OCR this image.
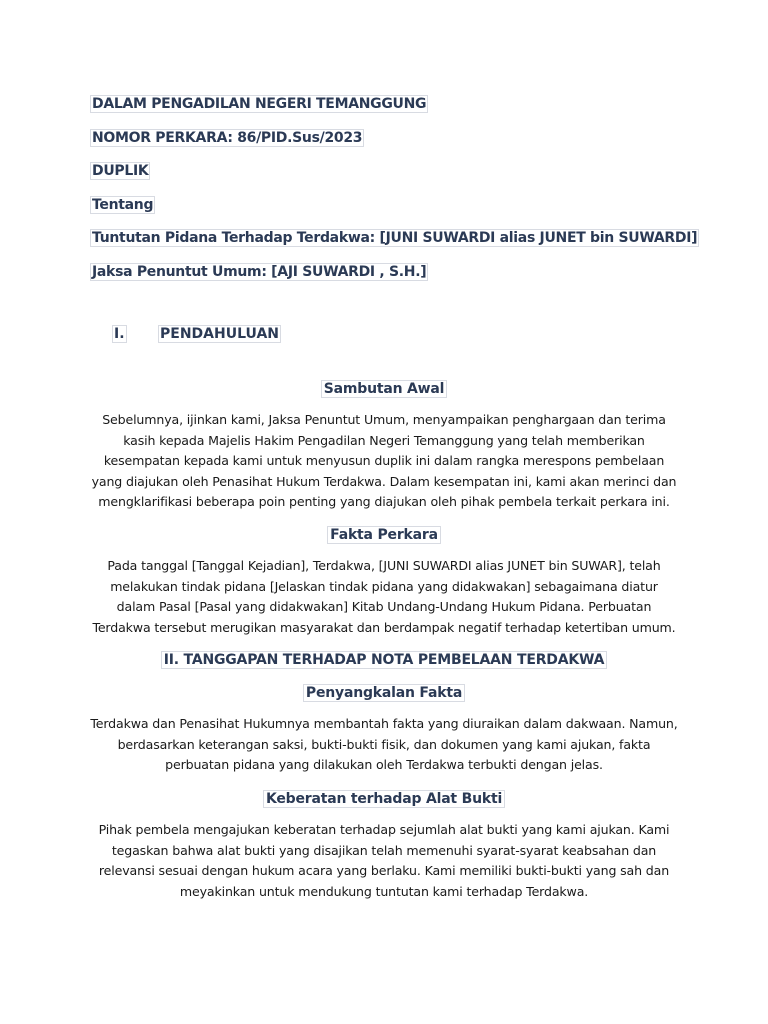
DALAM PENGADILAN NEGERI TEMANGGUNG
NOMOR PERKARA: 86/PID.Sus/2023
DUPLIK
Tentang
Tuntutan Pidana Terhadap Terdakwa: [JUNI SUWARDI alias JUNET bin SUWARDI]
Jaksa Penuntut Umum: [AJI SUWARDI , S.H.]
I.	PENDAHULUAN
Sambutan Awal
Sebelumnya, ijinkan kami, Jaksa Penuntut Umum, menyampaikan penghargaan dan terima kasih kepada Majelis Hakim Pengadilan Negeri Temanggung yang telah memberikan kesempatan kepada kami untuk menyusun duplik ini dalam rangka merespons pembelaan yang diajukan oleh Penasihat Hukum Terdakwa. Dalam kesempatan ini, kami akan merinci dan mengklarifikasi beberapa poin penting yang diajukan oleh pihak pembela terkait perkara ini.
Fakta Perkara
Pada tanggal [Tanggal Kejadian], Terdakwa, [JUNI SUWARDI alias JUNET bin SUWAR], telah melakukan tindak pidana [Jelaskan tindak pidana yang didakwakan] sebagaimana diatur dalam Pasal [Pasal yang didakwakan] Kitab Undang-Undang Hukum Pidana. Perbuatan Terdakwa tersebut merugikan masyarakat dan berdampak negatif terhadap ketertiban umum.
II. TANGGAPAN TERHADAP NOTA PEMBELAAN TERDAKWA
Penyangkalan Fakta
Terdakwa dan Penasihat Hukumnya membantah fakta yang diuraikan dalam dakwaan. Namun, berdasarkan keterangan saksi, bukti-bukti fisik, dan dokumen yang kami ajukan, fakta perbuatan pidana yang dilakukan oleh Terdakwa terbukti dengan jelas.
Keberatan terhadap Alat Bukti
Pihak pembela mengajukan keberatan terhadap sejumlah alat bukti yang kami ajukan. Kami tegaskan bahwa alat bukti yang disajikan telah memenuhi syarat-syarat keabsahan dan relevansi sesuai dengan hukum acara yang berlaku. Kami memiliki bukti-bukti yang sah dan meyakinkan untuk mendukung tuntutan kami terhadap Terdakwa.
